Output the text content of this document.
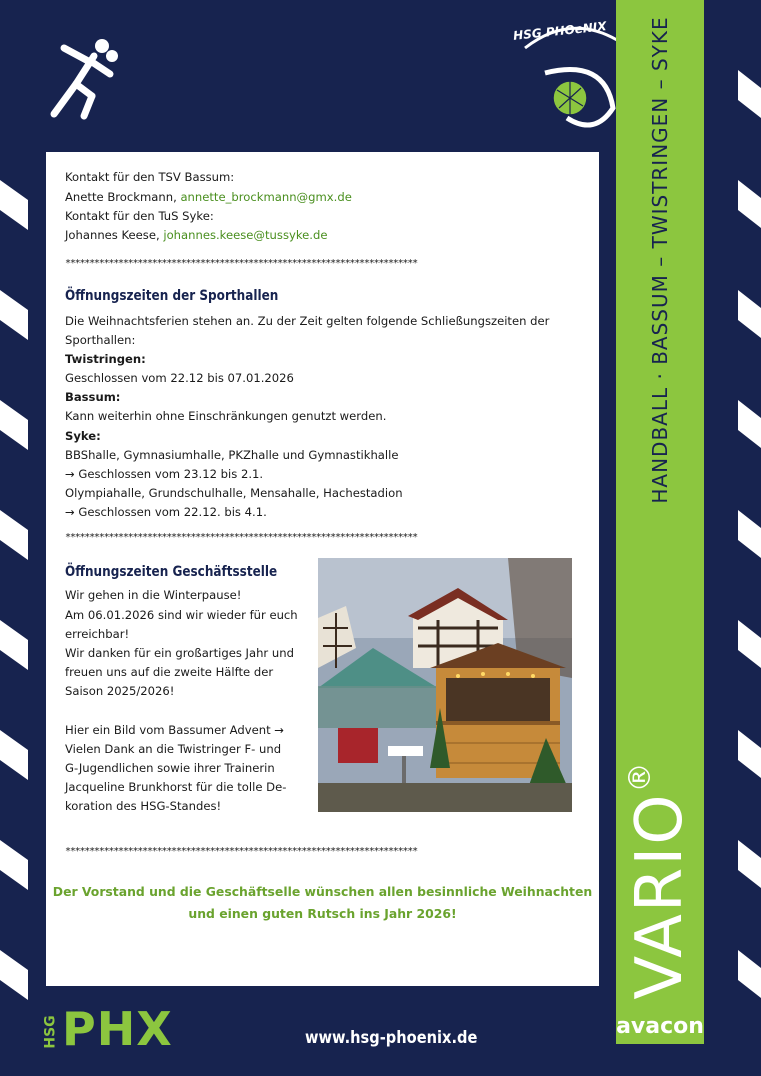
HSG PHOeNIX HANDBALL · BASSUM – TWISTRINGEN – SYKE
VARIO®
avacon
Kontakt für den TSV Bassum:
Anette Brockmann, annette_brockmann@gmx.de
Kontakt für den TuS Syke:
Johannes Keese, johannes.keese@tussyke.de
*************************************************************************
Öffnungszeiten der Sporthallen
Die Weihnachtsferien stehen an. Zu der Zeit gelten folgende Schließungszeiten der
Sporthallen:
Twistringen:
Geschlossen vom 22.12 bis 07.01.2026
Bassum:
Kann weiterhin ohne Einschränkungen genutzt werden.
Syke:
BBShalle, Gymnasiumhalle, PKZhalle und Gymnastikhalle
→ Geschlossen vom 23.12 bis 2.1.
Olympiahalle, Grundschulhalle, Mensahalle, Hachestadion
→ Geschlossen vom 22.12. bis 4.1.
*************************************************************************
Öffnungszeiten Geschäftsstelle
Wir gehen in die Winterpause!
Am 06.01.2026 sind wir wieder für euch
erreichbar!
Wir danken für ein großartiges Jahr und
freuen uns auf die zweite Hälfte der
Saison 2025/2026!
Hier ein Bild vom Bassumer Advent →
Vielen Dank an die Twistringer F- und
G-Jugendlichen sowie ihrer Trainerin
Jacqueline Brunkhorst für die tolle De-
koration des HSG-Standes!
*************************************************************************
Der Vorstand und die Geschäftselle wünschen allen besinnliche Weihnachten
und einen guten Rutsch ins Jahr 2026!
HSG PHX	www.hsg-phoenix.de
